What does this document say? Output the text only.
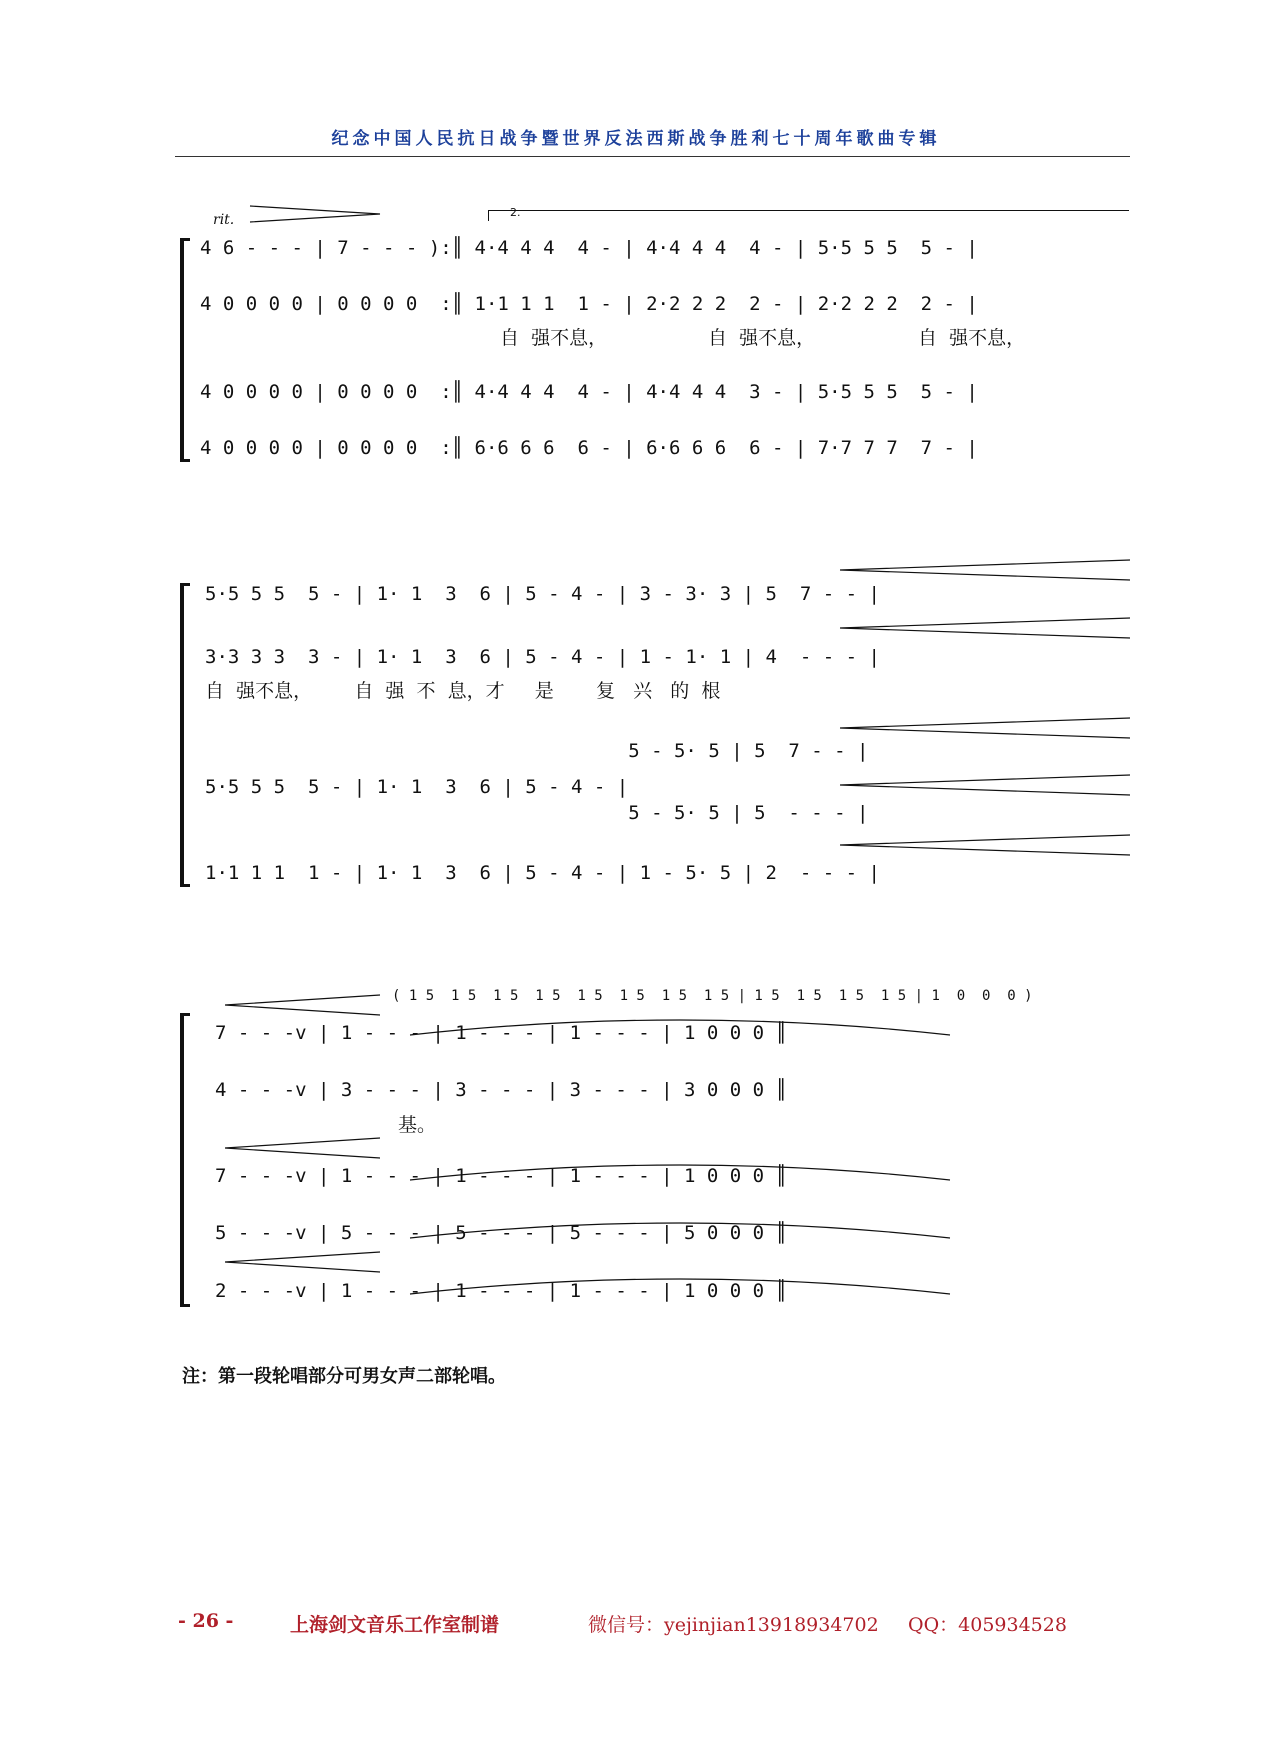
纪念中国人民抗日战争暨世界反法西斯战争胜利七十周年歌曲专辑
rit.	2.
4 6 - - - | 7 - - - ):║ 4·4 4 4  4 - | 4·4 4 4  4 - | 5·5 5 5  5 - |
4 0 0 0 0 | 0 0 0 0  :║ 1·1 1 1  1 - | 2·2 2 2  2 - | 2·2 2 2  2 - |
自  强不息，	自  强不息，	自  强不息，
4 0 0 0 0 | 0 0 0 0  :║ 4·4 4 4  4 - | 4·4 4 4  3 - | 5·5 5 5  5 - |
4 0 0 0 0 | 0 0 0 0  :║ 6·6 6 6  6 - | 6·6 6 6  6 - | 7·7 7 7  7 - |
5·5 5 5  5 - | 1· 1  3  6 | 5 - 4 - | 3 - 3· 3 | 5  7 - - |
3·3 3 3  3 - | 1· 1  3  6 | 5 - 4 - | 1 - 1· 1 | 4  - - - |
自  强不息，       自  强  不  息，才     是       复   兴   的  根
5 - 5· 5 | 5  7 - - |
5·5 5 5  5 - | 1· 1  3  6 | 5 - 4 - |
5 - 5· 5 | 5  - - - |
1·1 1 1  1 - | 1· 1  3  6 | 5 - 4 - | 1 - 5· 5 | 2  - - - |
( 1 5  1 5  1 5  1 5  1 5  1 5  1 5  1 5 | 1 5  1 5  1 5  1 5 | 1  0  0  0 )
7 - - -v | 1 - - - | 1 - - - | 1 - - - | 1 0 0 0 ║
4 - - -v | 3 - - - | 3 - - - | 3 - - - | 3 0 0 0 ║
基。
7 - - -v | 1 - - - | 1 - - - | 1 - - - | 1 0 0 0 ║
5 - - -v | 5 - - - | 5 - - - | 5 - - - | 5 0 0 0 ║
2 - - -v | 1 - - - | 1 - - - | 1 - - - | 1 0 0 0 ║
注：第一段轮唱部分可男女声二部轮唱。
- 26 -	上海剑文音乐工作室制谱	微信号：yejinjian13918934702 QQ：405934528
